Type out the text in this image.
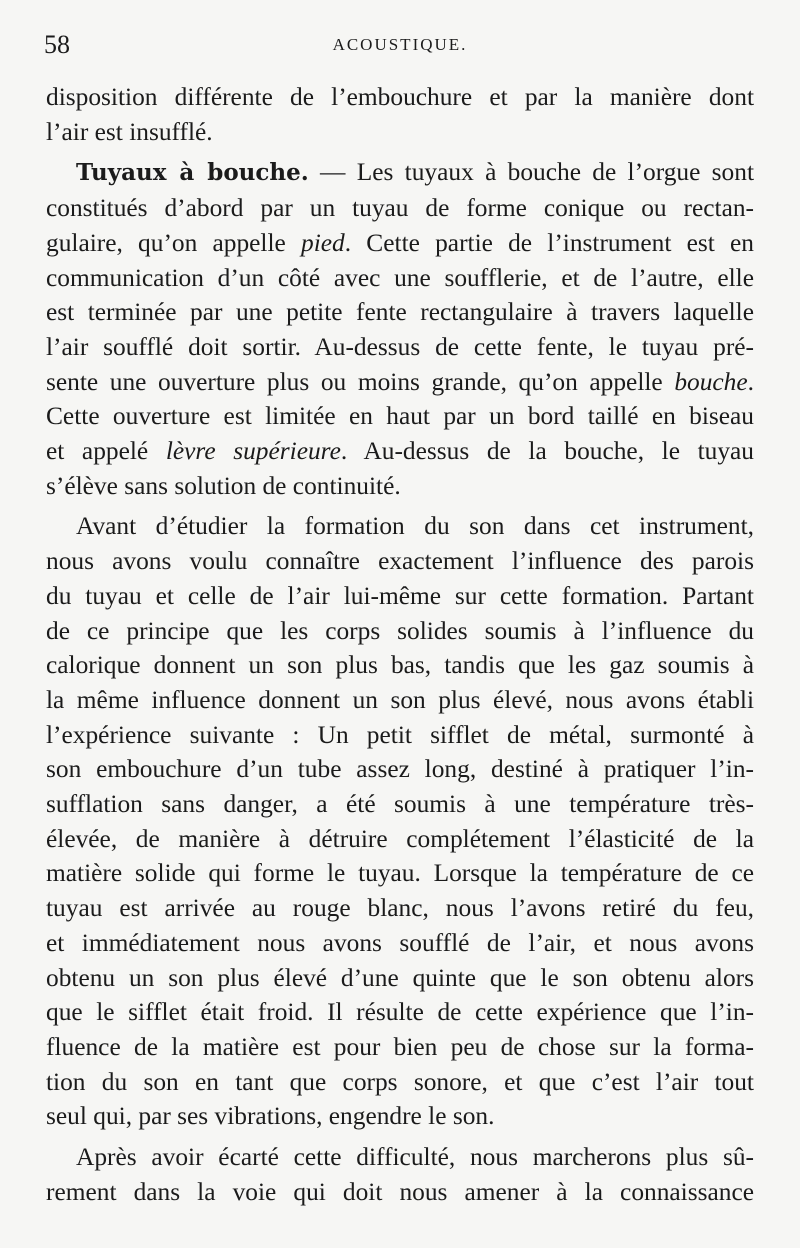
58	ACOUSTIQUE.
disposition différente de l’embouchure et par la manière dont
l’air est insufflé.
Tuyaux à bouche. — Les tuyaux à bouche de l’orgue sont
constitués d’abord par un tuyau de forme conique ou rectan-
gulaire, qu’on appelle pied. Cette partie de l’instrument est en
communication d’un côté avec une soufflerie, et de l’autre, elle
est terminée par une petite fente rectangulaire à travers laquelle
l’air soufflé doit sortir. Au-dessus de cette fente, le tuyau pré-
sente une ouverture plus ou moins grande, qu’on appelle bouche.
Cette ouverture est limitée en haut par un bord taillé en biseau
et appelé lèvre supérieure. Au-dessus de la bouche, le tuyau
s’élève sans solution de continuité.
Avant d’étudier la formation du son dans cet instrument,
nous avons voulu connaître exactement l’influence des parois
du tuyau et celle de l’air lui-même sur cette formation. Partant
de ce principe que les corps solides soumis à l’influence du
calorique donnent un son plus bas, tandis que les gaz soumis à
la même influence donnent un son plus élevé, nous avons établi
l’expérience suivante : Un petit sifflet de métal, surmonté à
son embouchure d’un tube assez long, destiné à pratiquer l’in-
sufflation sans danger, a été soumis à une température très-
élevée, de manière à détruire complétement l’élasticité de la
matière solide qui forme le tuyau. Lorsque la température de ce
tuyau est arrivée au rouge blanc, nous l’avons retiré du feu,
et immédiatement nous avons soufflé de l’air, et nous avons
obtenu un son plus élevé d’une quinte que le son obtenu alors
que le sifflet était froid. Il résulte de cette expérience que l’in-
fluence de la matière est pour bien peu de chose sur la forma-
tion du son en tant que corps sonore, et que c’est l’air tout
seul qui, par ses vibrations, engendre le son.
Après avoir écarté cette difficulté, nous marcherons plus sû-
rement dans la voie qui doit nous amener à la connaissance
